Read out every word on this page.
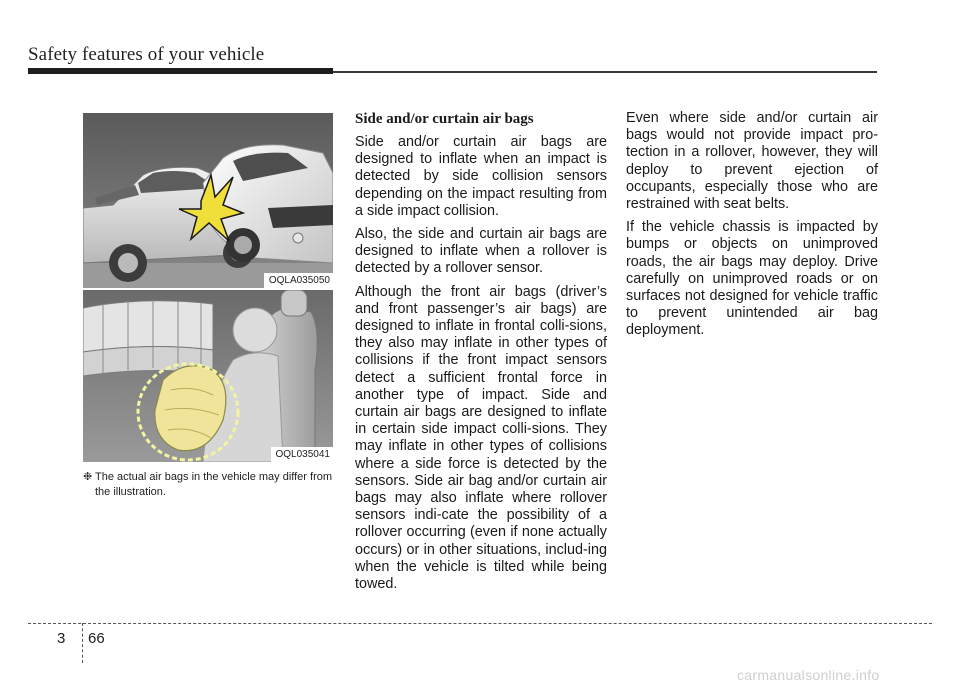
Safety features of your vehicle
OQLA035050
OQL035041
❉ The actual air bags in the vehicle may differ from the illustration.
Side and/or curtain air bags

Side and/or curtain air bags are designed to inflate when an impact is detected by side collision sensors depending on the impact resulting from a side impact collision.

Also, the side and curtain air bags are designed to inflate when a rollover is detected by a rollover sensor.

Although the front air bags (driver’s and front passenger’s air bags) are designed to inflate in frontal colli-sions, they also may inflate in other types of collisions if the front impact sensors detect a sufficient frontal force in another type of impact. Side and curtain air bags are designed to inflate in certain side impact colli-sions. They may inflate in other types of collisions where a side force is detected by the sensors. Side air bag and/or curtain air bags may also inflate where rollover sensors indi-cate the possibility of a rollover occurring (even if none actually occurs) or in other situations, includ-ing when the vehicle is tilted while being towed.

Even where side and/or curtain air bags would not provide impact pro-tection in a rollover, however, they will deploy to prevent ejection of occupants, especially those who are restrained with seat belts.

If the vehicle chassis is impacted by bumps or objects on unimproved roads, the air bags may deploy. Drive carefully on unimproved roads or on surfaces not designed for vehicle traffic to prevent unintended air bag deployment.

3 66
carmanualsonline.info
